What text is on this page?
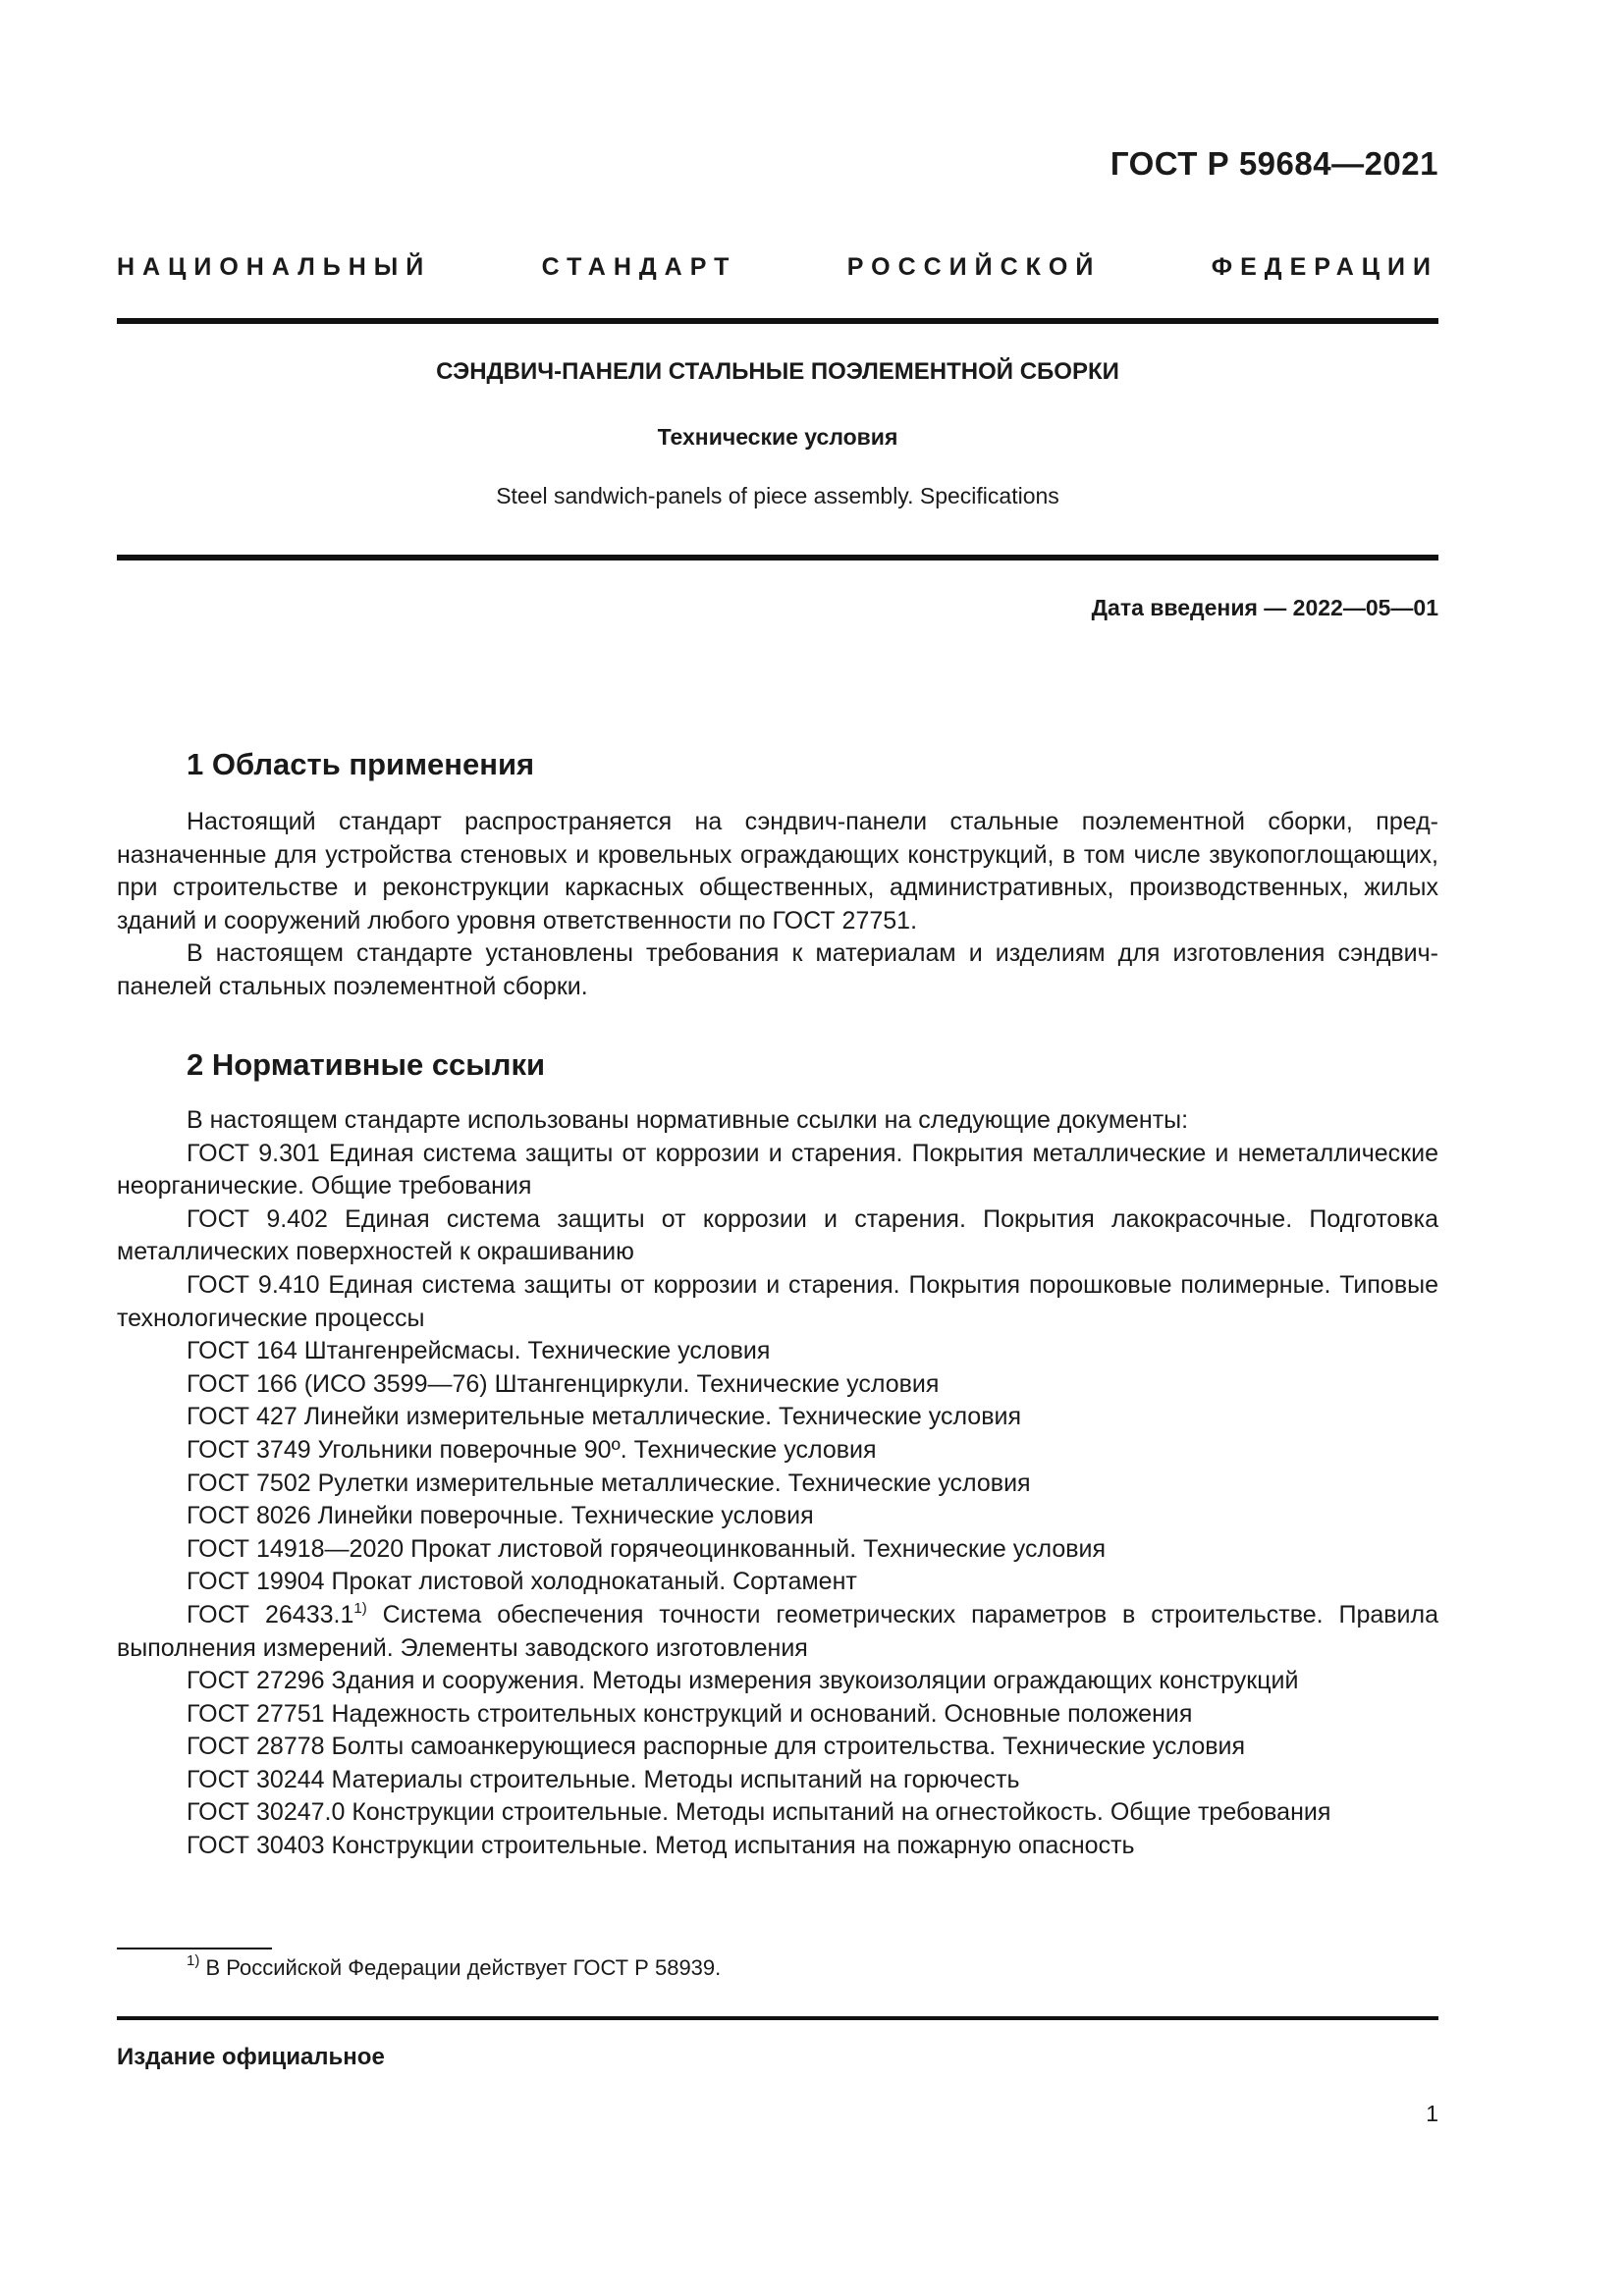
ГОСТ Р 59684—2021
НАЦИОНАЛЬНЫЙ СТАНДАРТ РОССИЙСКОЙ ФЕДЕРАЦИИ
СЭНДВИЧ-ПАНЕЛИ СТАЛЬНЫЕ ПОЭЛЕМЕНТНОЙ СБОРКИ
Технические условия
Steel sandwich-panels of piece assembly. Specifications
Дата введения — 2022—05—01
1 Область применения

Настоящий стандарт распространяется на сэндвич-панели стальные поэлементной сборки, предназначенные для устройства стеновых и кровельных ограждающих конструкций, в том числе звукопоглощающих, при строительстве и реконструкции каркасных общественных, административных, производственных, жилых зданий и сооружений любого уровня ответственности по ГОСТ 27751.

В настоящем стандарте установлены требования к материалам и изделиям для изготовления сэндвич-панелей стальных поэлементной сборки.

2 Нормативные ссылки

В настоящем стандарте использованы нормативные ссылки на следующие документы:

ГОСТ 9.301 Единая система защиты от коррозии и старения. Покрытия металлические и неметаллические неорганические. Общие требования

ГОСТ 9.402 Единая система защиты от коррозии и старения. Покрытия лакокрасочные. Подготовка металлических поверхностей к окрашиванию

ГОСТ 9.410 Единая система защиты от коррозии и старения. Покрытия порошковые полимерные. Типовые технологические процессы

ГОСТ 164 Штангенрейсмасы. Технические условия

ГОСТ 166 (ИСО 3599—76) Штангенциркули. Технические условия

ГОСТ 427 Линейки измерительные металлические. Технические условия

ГОСТ 3749 Угольники поверочные 90º. Технические условия

ГОСТ 7502 Рулетки измерительные металлические. Технические условия

ГОСТ 8026 Линейки поверочные. Технические условия

ГОСТ 14918—2020 Прокат листовой горячеоцинкованный. Технические условия

ГОСТ 19904 Прокат листовой холоднокатаный. Сортамент

ГОСТ 26433.1$^{1)}$ Система обеспечения точности геометрических параметров в строительстве. Правила выполнения измерений. Элементы заводского изготовления

ГОСТ 27296 Здания и сооружения. Методы измерения звукоизоляции ограждающих конструкций

ГОСТ 27751 Надежность строительных конструкций и оснований. Основные положения

ГОСТ 28778 Болты самоанкерующиеся распорные для строительства. Технические условия

ГОСТ 30244 Материалы строительные. Методы испытаний на горючесть

ГОСТ 30247.0 Конструкции строительные. Методы испытаний на огнестойкость. Общие требования

ГОСТ 30403 Конструкции строительные. Метод испытания на пожарную опасность

$^{1)}$ В Российской Федерации действует ГОСТ Р 58939.
Издание официальное
1
